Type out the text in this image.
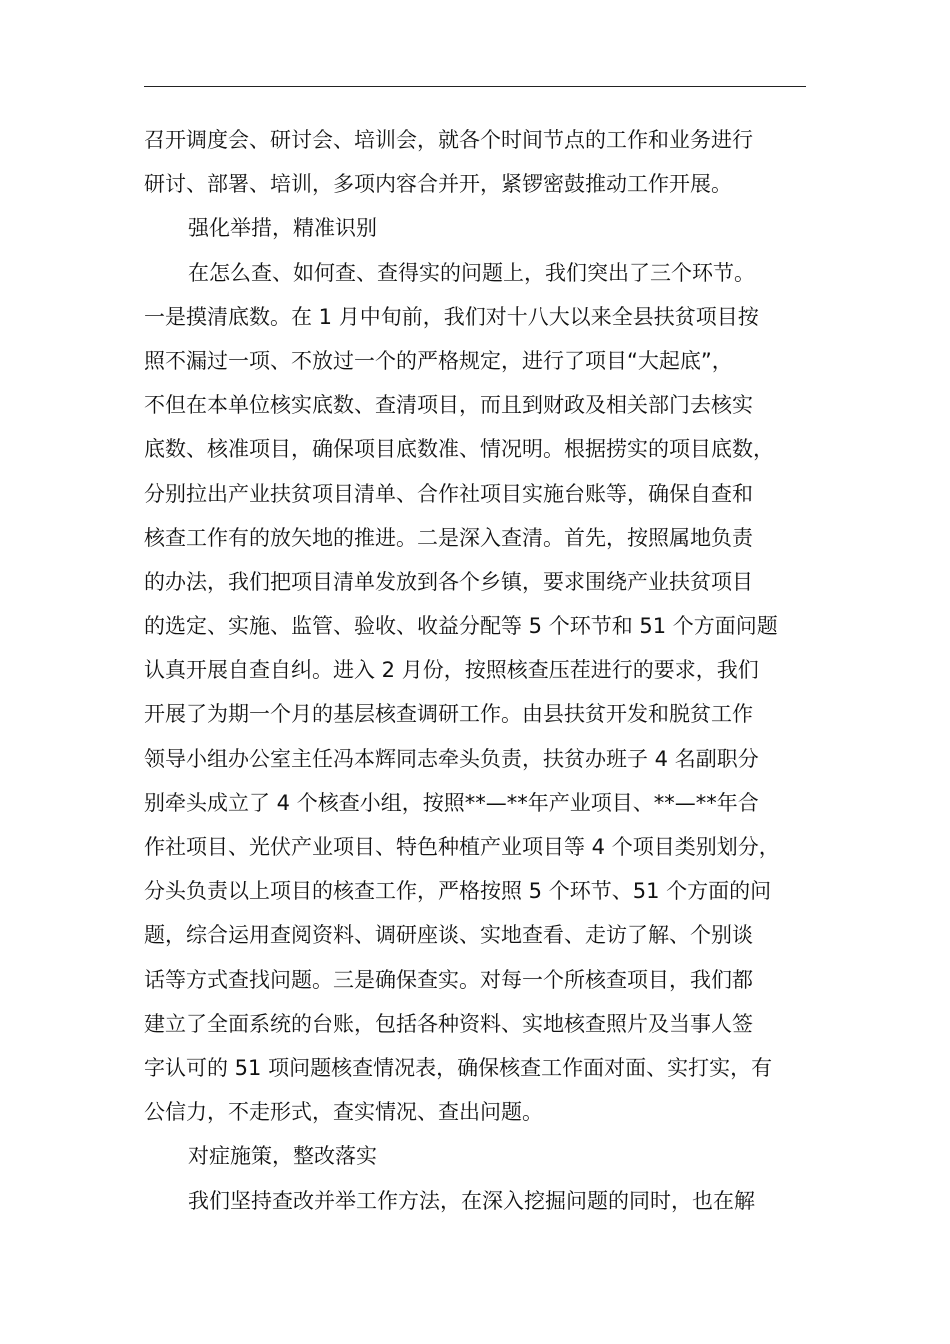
召开调度会、研讨会、培训会，就各个时间节点的工作和业务进行
研讨、部署、培训，多项内容合并开，紧锣密鼓推动工作开展。
强化举措，精准识别
在怎么查、如何查、查得实的问题上，我们突出了三个环节。
一是摸清底数。在 1 月中旬前，我们对十八大以来全县扶贫项目按
照不漏过一项、不放过一个的严格规定，进行了项目“大起底”，
不但在本单位核实底数、查清项目，而且到财政及相关部门去核实
底数、核准项目，确保项目底数准、情况明。根据捞实的项目底数，
分别拉出产业扶贫项目清单、合作社项目实施台账等，确保自查和
核查工作有的放矢地的推进。二是深入查清。首先，按照属地负责
的办法，我们把项目清单发放到各个乡镇，要求围绕产业扶贫项目
的选定、实施、监管、验收、收益分配等 5 个环节和 51 个方面问题
认真开展自查自纠。进入 2 月份，按照核查压茬进行的要求，我们
开展了为期一个月的基层核查调研工作。由县扶贫开发和脱贫工作
领导小组办公室主任冯本辉同志牵头负责，扶贫办班子 4 名副职分
别牵头成立了 4 个核查小组，按照**—**年产业项目、**—**年合
作社项目、光伏产业项目、特色种植产业项目等 4 个项目类别划分，
分头负责以上项目的核查工作，严格按照 5 个环节、51 个方面的问
题，综合运用查阅资料、调研座谈、实地查看、走访了解、个别谈
话等方式查找问题。三是确保查实。对每一个所核查项目，我们都
建立了全面系统的台账，包括各种资料、实地核查照片及当事人签
字认可的 51 项问题核查情况表，确保核查工作面对面、实打实，有
公信力，不走形式，查实情况、查出问题。
对症施策，整改落实
我们坚持查改并举工作方法，在深入挖掘问题的同时，也在解
